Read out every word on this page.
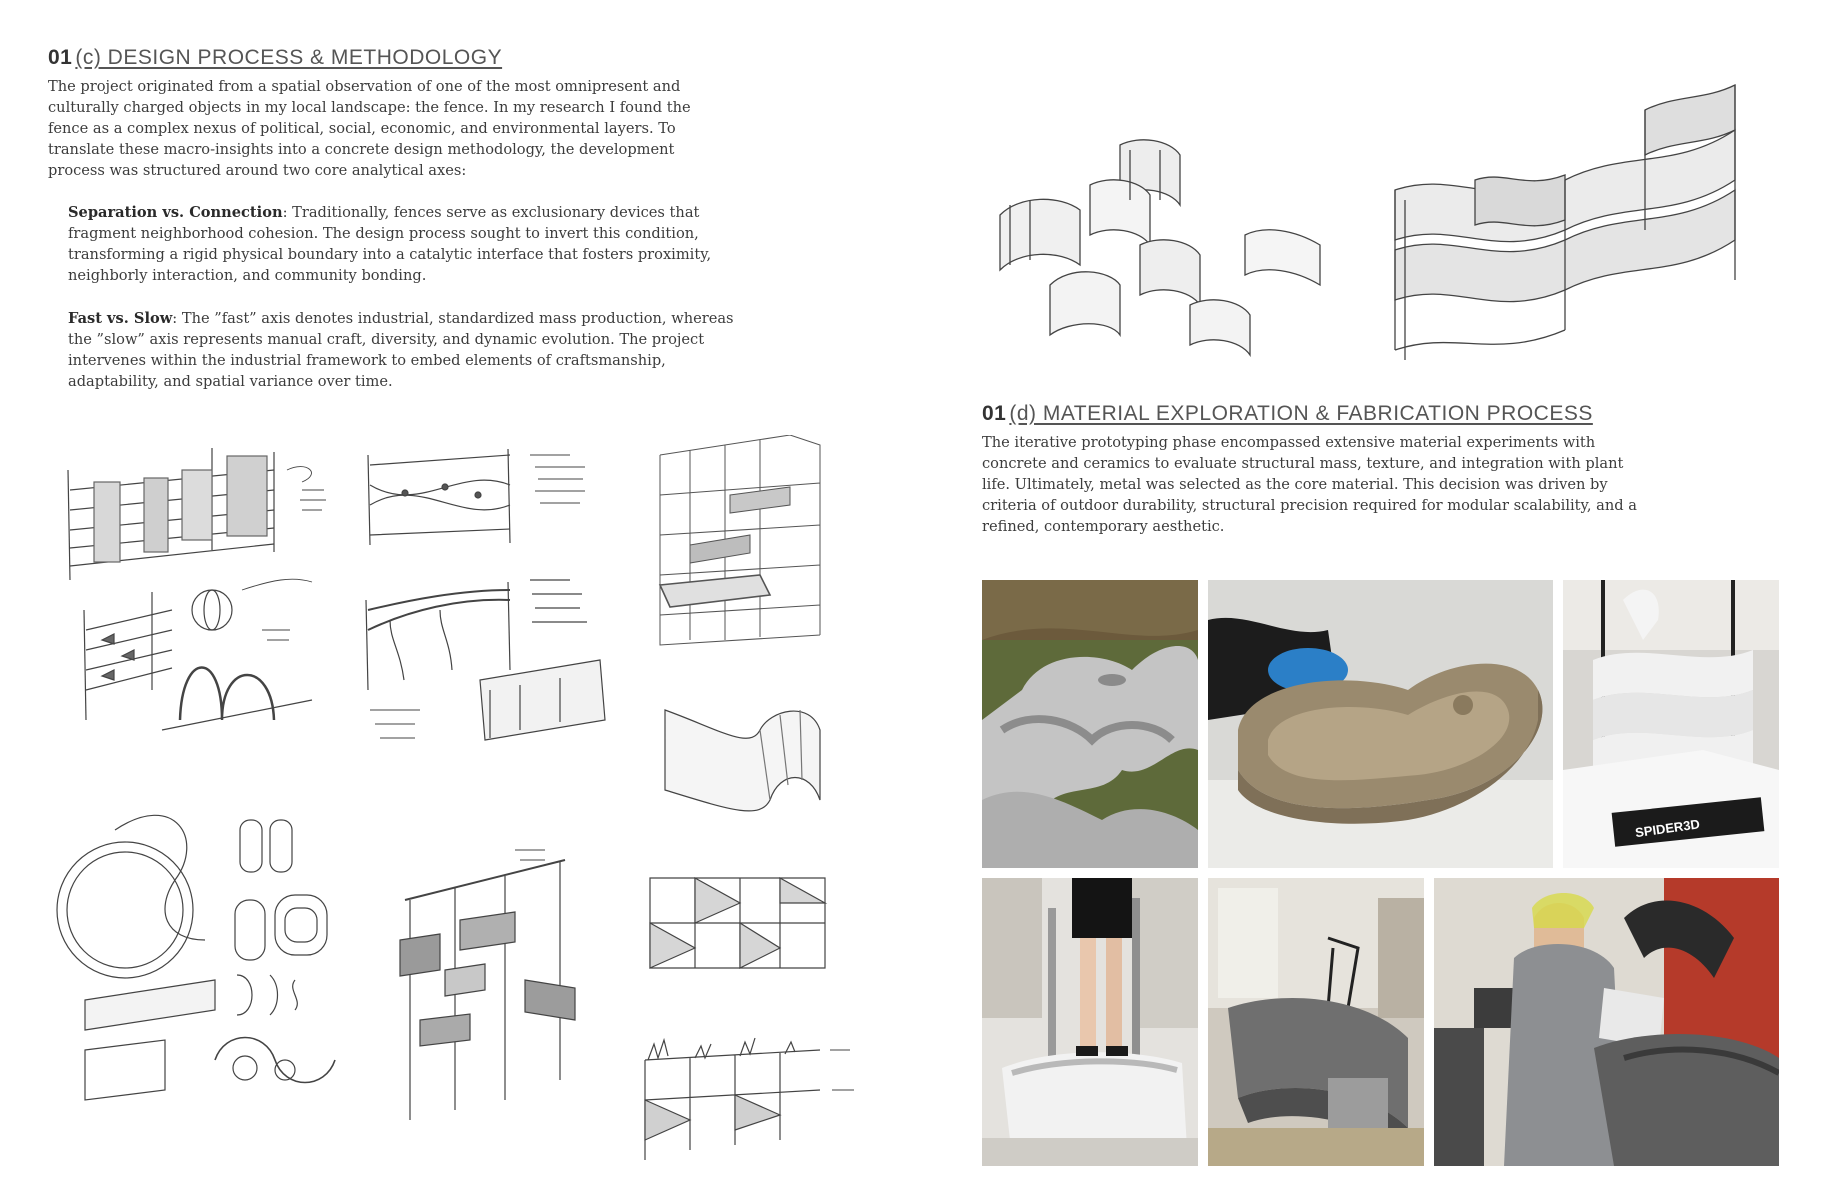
01 (c) DESIGN PROCESS & METHODOLOGY

The project originated from a spatial observation of one of the most omnipresent and culturally charged objects in my local landscape: the fence. In my research I found the fence as a complex nexus of political, social, economic, and environmental layers. To translate these macro-insights into a concrete design methodology, the development process was structured around two core analytical axes:

Separation vs. Connection: Traditionally, fences serve as exclusionary devices that fragment neighborhood cohesion. The design process sought to invert this condition, transforming a rigid physical boundary into a catalytic interface that fosters proximity, neighborly interaction, and community bonding.

Fast vs. Slow: The ”fast” axis denotes industrial, standardized mass production, whereas the ”slow” axis represents manual craft, diversity, and dynamic evolution. The project intervenes within the industrial framework to embed elements of craftsmanship, adaptability, and spatial variance over time.

01 (d) MATERIAL EXPLORATION & FABRICATION PROCESS

The iterative prototyping phase encompassed extensive material experiments with concrete and ceramics to evaluate structural mass, texture, and integration with plant life. Ultimately, metal was selected as the core material. This decision was driven by criteria of outdoor durability, structural precision required for modular scalability, and a refined, contemporary aesthetic.

SPIDER3D
